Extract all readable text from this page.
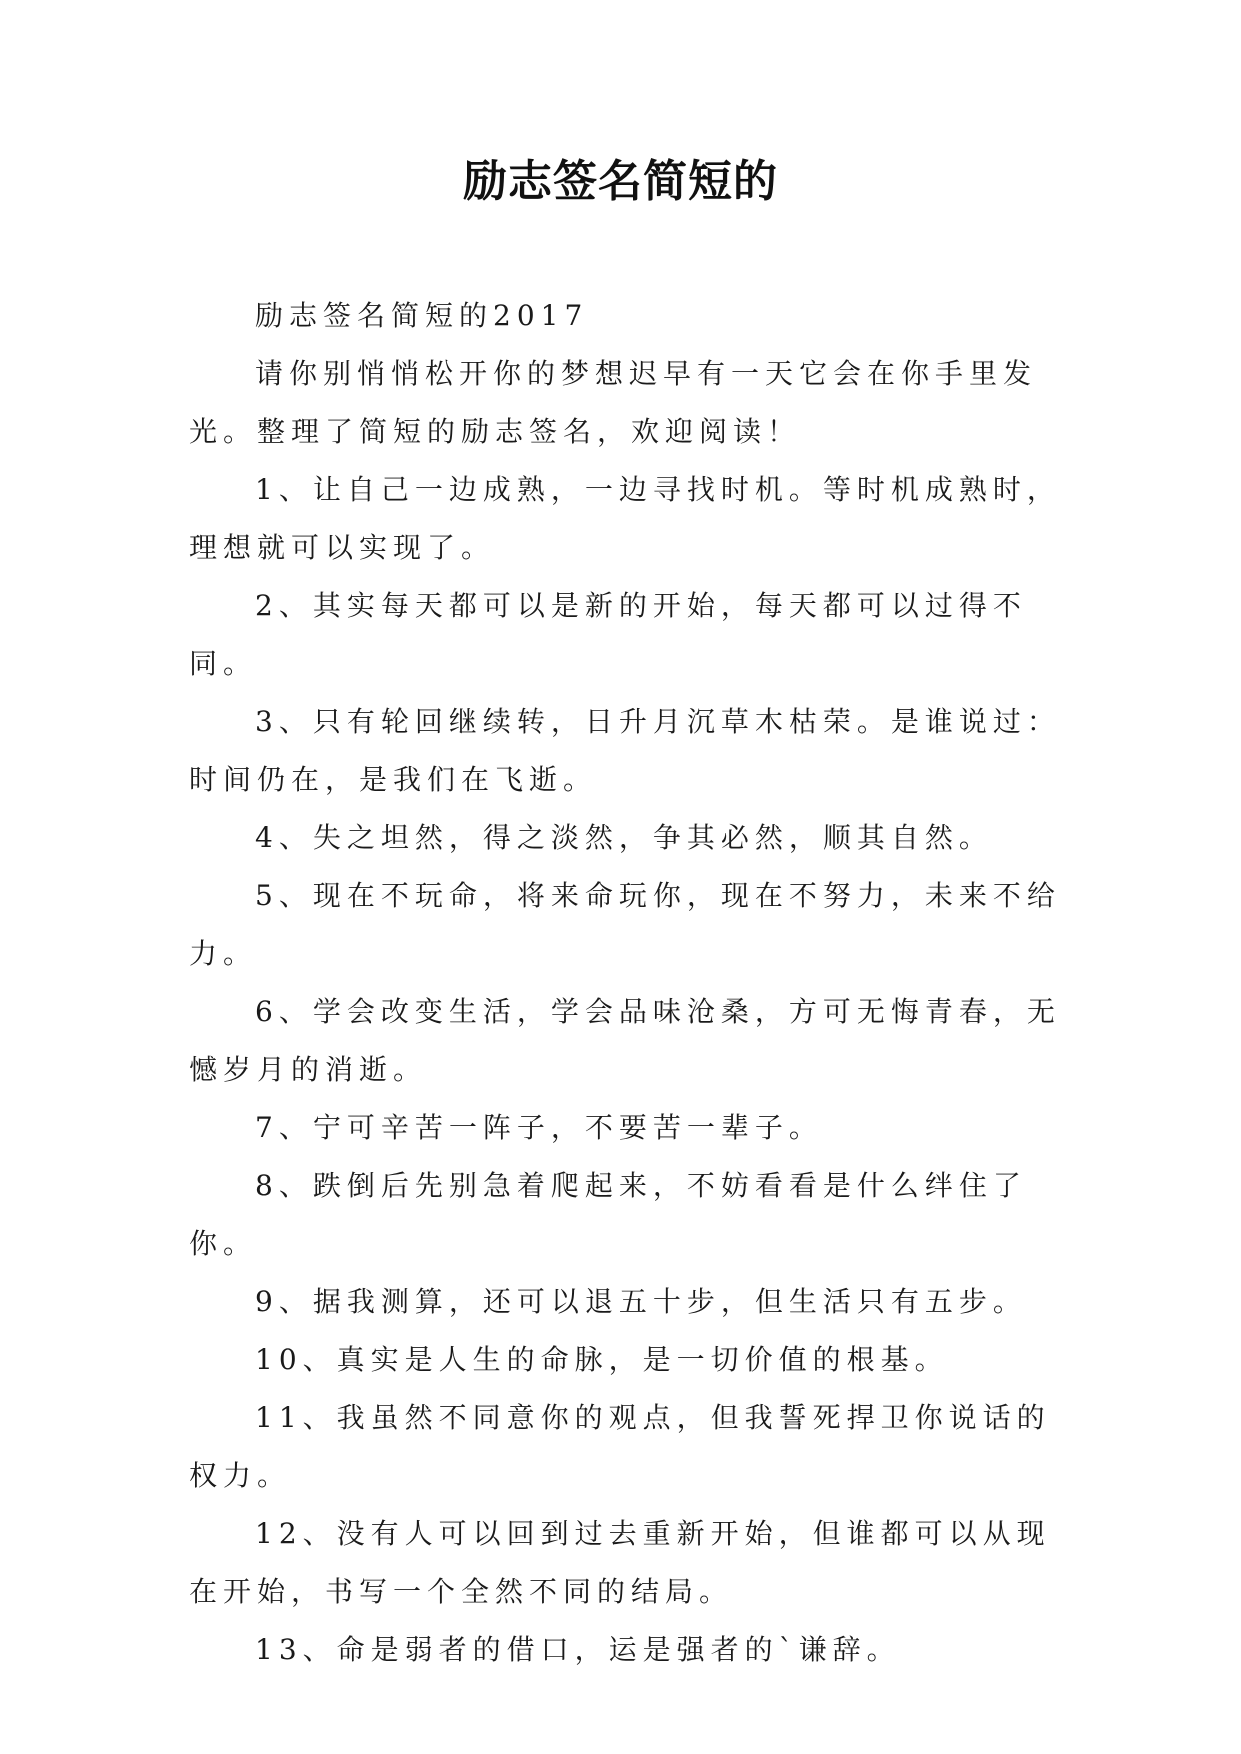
励志签名简短的

励志签名简短的2017

请你别悄悄松开你的梦想迟早有一天它会在你手里发光。整理了简短的励志签名，欢迎阅读！

1、让自己一边成熟，一边寻找时机。等时机成熟时，理想就可以实现了。

2、其实每天都可以是新的开始，每天都可以过得不同。

3、只有轮回继续转，日升月沉草木枯荣。是谁说过：时间仍在，是我们在飞逝。

4、失之坦然，得之淡然，争其必然，顺其自然。

5、现在不玩命，将来命玩你，现在不努力，未来不给力。

6、学会改变生活，学会品味沧桑，方可无悔青春，无憾岁月的消逝。

7、宁可辛苦一阵子，不要苦一辈子。

8、跌倒后先别急着爬起来，不妨看看是什么绊住了你。

9、据我测算，还可以退五十步，但生活只有五步。

10、真实是人生的命脉，是一切价值的根基。

11、我虽然不同意你的观点，但我誓死捍卫你说话的权力。

12、没有人可以回到过去重新开始，但谁都可以从现在开始，书写一个全然不同的结局。

13、命是弱者的借口，运是强者的`谦辞。
